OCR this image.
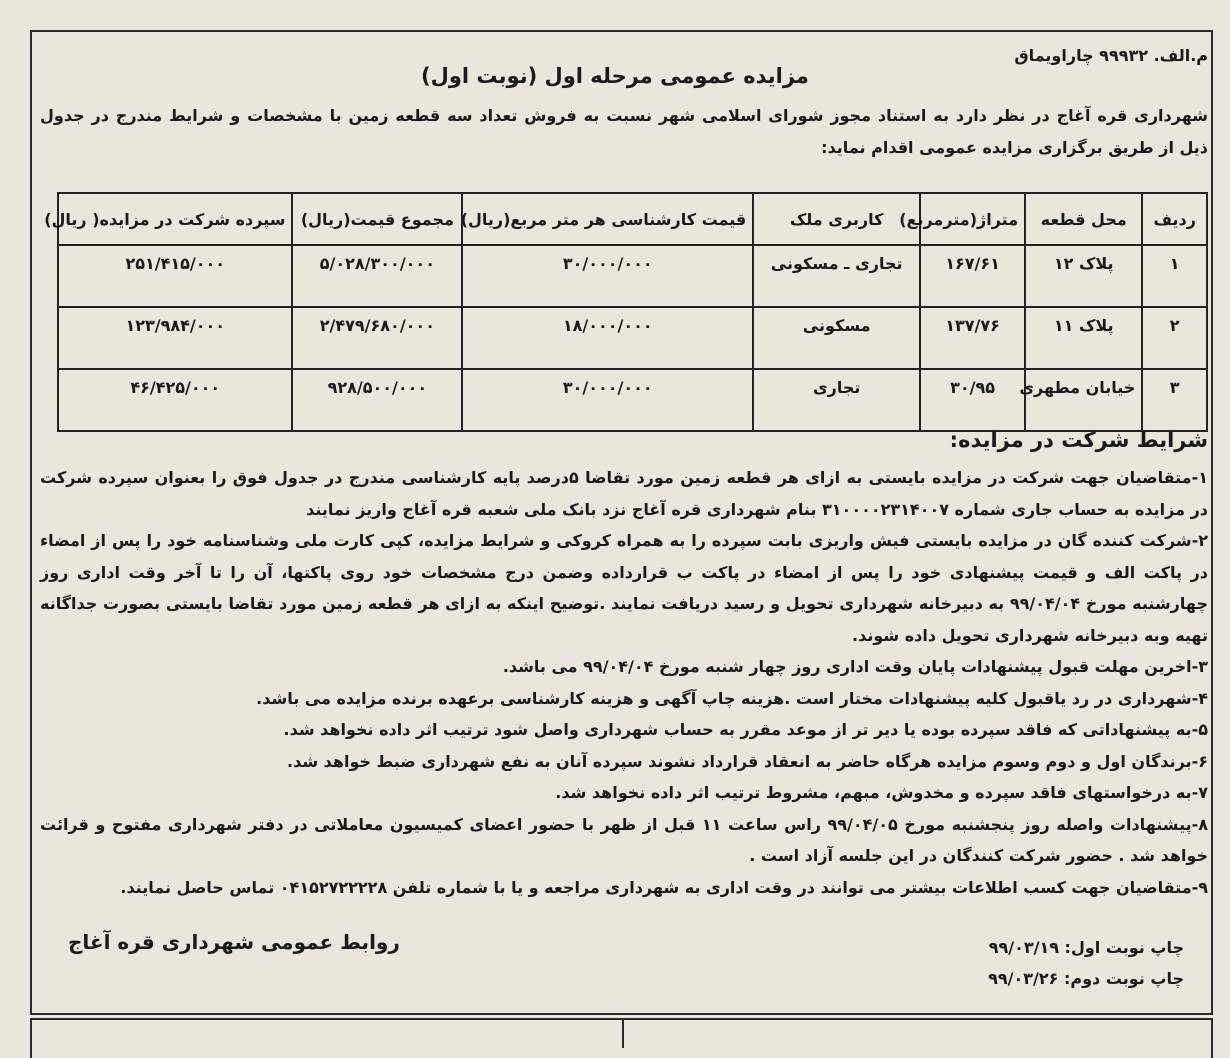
م.الف. ۹۹۹۳۲ چاراویماق
مزایده عمومی مرحله اول (نوبت اول)
شهرداری قره آغاج در نظر دارد به استناد مجوز شورای اسلامی شهر نسبت به فروش تعداد سه قطعه زمین با مشخصات و شرایط مندرج در جدول ذیل از طریق برگزاری مزایده عمومی اقدام نماید:
ردیف	محل قطعه	متراژ(مترمربع)	کاربری ملک	قیمت کارشناسی هر متر مربع(ریال)	مجموع قیمت(ریال)	سپرده شرکت در مزایده( ریال)
۱	پلاک ۱۲	۱۶۷/۶۱	تجاری ـ مسکونی	۳۰/۰۰۰/۰۰۰	۵/۰۲۸/۳۰۰/۰۰۰	۲۵۱/۴۱۵/۰۰۰
۲	پلاک ۱۱	۱۳۷/۷۶	مسکونی	۱۸/۰۰۰/۰۰۰	۲/۴۷۹/۶۸۰/۰۰۰	۱۲۳/۹۸۴/۰۰۰
۳	خیابان مطهری	۳۰/۹۵	تجاری	۳۰/۰۰۰/۰۰۰	۹۲۸/۵۰۰/۰۰۰	۴۶/۴۲۵/۰۰۰
شرایط شرکت در مزایده:

۱-متقاضیان جهت شرکت در مزایده بایستی به ازای هر قطعه زمین مورد تقاضا ۵درصد پایه کارشناسی مندرج در جدول فوق را بعنوان سپرده شرکت در مزایده به حساب جاری شماره ۳۱۰۰۰۰۲۳۱۴۰۰۷ بنام شهرداری قره آغاج نزد بانک ملی شعبه قره آغاج واریز نمایند

۲-شرکت کننده گان در مزایده بایستی فیش واریزی بابت سپرده را به همراه کروکی و شرایط مزایده، کپی کارت ملی وشناسنامه خود را پس از امضاء در پاکت الف و قیمت پیشنهادی خود را پس از امضاء در پاکت ب قرارداده وضمن درج مشخصات خود روی پاکتها، آن را تا آخر وقت اداری روز چهارشنبه مورخ ۹۹/۰۴/۰۴ به دبیرخانه شهرداری تحویل و رسید دریافت نمایند .توضیح اینکه به ازای هر قطعه زمین مورد تقاضا بایستی بصورت جداگانه تهیه وبه دبیرخانه شهرداری تحویل داده شوند.

۳-اخرین مهلت قبول پیشنهادات پایان وقت اداری روز چهار شنبه مورخ ۹۹/۰۴/۰۴ می باشد.

۴-شهرداری در رد یاقبول کلیه پیشنهادات مختار است .هزینه چاپ آگهی و هزینه کارشناسی برعهده برنده مزایده می باشد.

۵-به پیشنهاداتی که فاقد سپرده بوده یا دیر تر از موعد مقرر به حساب شهرداری واصل شود ترتیب اثر داده نخواهد شد.

۶-برندگان اول و دوم وسوم مزایده هرگاه حاضر به انعقاد قرارداد نشوند سپرده آنان به نفع شهرداری ضبط خواهد شد.

۷-به درخواستهای فاقد سپرده و مخدوش، مبهم، مشروط ترتیب اثر داده نخواهد شد.

۸-پیشنهادات واصله روز پنجشنبه مورخ ۹۹/۰۴/۰۵ راس ساعت ۱۱ قبل از ظهر با حضور اعضای کمیسیون معاملاتی در دفتر شهرداری مفتوح و قرائت خواهد شد . حضور شرکت کنندگان در این جلسه آزاد است .

۹-متقاضیان جهت کسب اطلاعات بیشتر می توانند در وقت اداری به شهرداری مراجعه و یا با شماره تلفن ۰۴۱۵۲۷۲۲۲۲۸ تماس حاصل نمایند.

چاپ نوبت اول: ۹۹/۰۳/۱۹
چاپ نوبت دوم: ۹۹/۰۳/۲۶
روابط عمومی شهرداری قره آغاج
